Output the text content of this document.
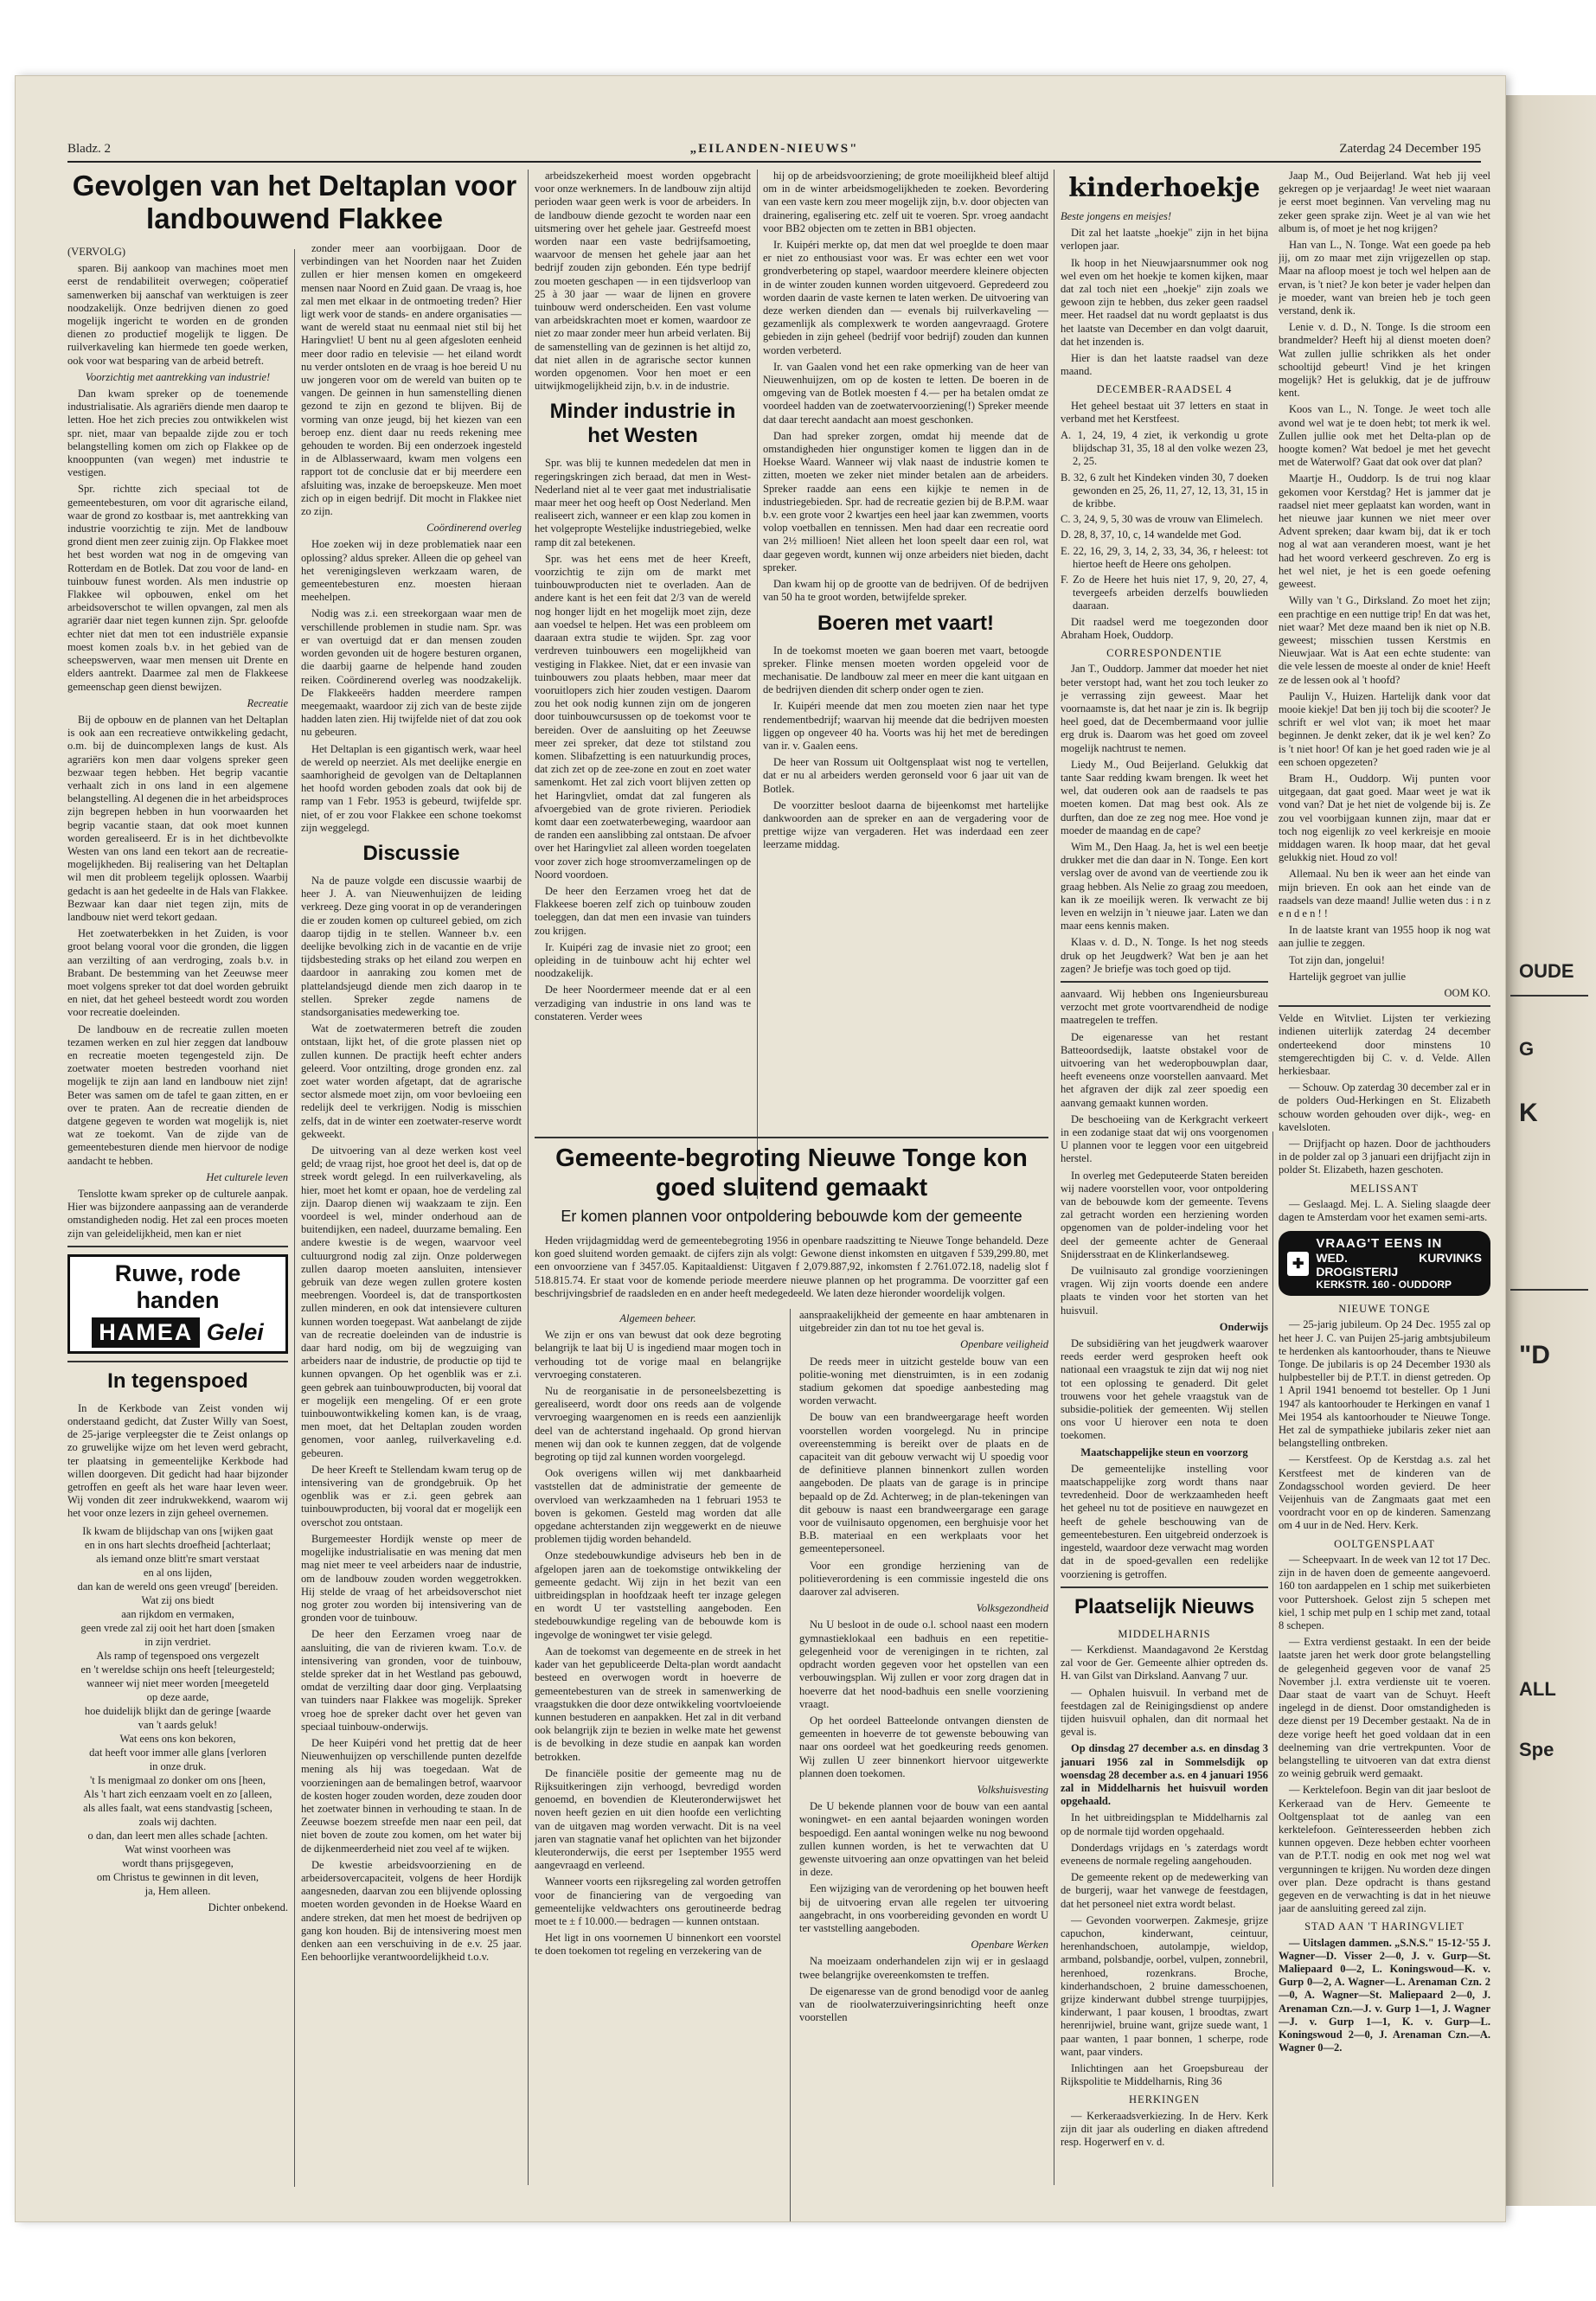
OUDE
G
K
"D
ALL
Spe
Bladz. 2	„EILANDEN-NIEUWS"	Zaterdag 24 December 195
Gevolgen van het Deltaplan voor landbouwend Flakkee
(VERVOLG)

sparen. Bij aankoop van machines moet men eerst de rendabiliteit overwegen; coöperatief samenwerken bij aanschaf van werktuigen is zeer noodzakelijk. Onze bedrijven dienen zo goed mogelijk ingericht te worden en de gronden dienen zo productief mogelijk te liggen. De ruilverkaveling kan hiermede ten goede werken, ook voor wat besparing van de arbeid betreft.

Voorzichtig met aantrekking van industrie!

Dan kwam spreker op de toenemende industrialisatie. Als agrariërs diende men daarop te letten. Hoe het zich precies zou ontwikkelen wist spr. niet, maar van bepaalde zijde zou er toch belangstelling komen om zich op Flakkee op de knooppunten (van wegen) met industrie te vestigen.

Spr. richtte zich speciaal tot de gemeentebesturen, om voor dit agrarische eiland, waar de grond zo kostbaar is, met aantrekking van industrie voorzichtig te zijn. Met de landbouw grond dient men zeer zuinig zijn. Op Flakkee moet het best worden wat nog in de omgeving van Rotterdam en de Botlek. Dat zou voor de land- en tuinbouw funest worden. Als men industrie op Flakkee wil opbouwen, enkel om het arbeidsoverschot te willen opvangen, zal men als agrariër daar niet tegen kunnen zijn. Spr. geloofde echter niet dat men tot een industriële expansie moest komen zoals b.v. in het gebied van de scheepswerven, waar men mensen uit Drente en elders aantrekt. Daarmee zal men de Flakkeese gemeenschap geen dienst bewijzen.

Recreatie

Bij de opbouw en de plannen van het Deltaplan is ook aan een recreatieve ontwikkeling gedacht, o.m. bij de duincomplexen langs de kust. Als agrariërs kon men daar volgens spreker geen bezwaar tegen hebben. Het begrip vacantie verhaalt zich in ons land in een algemene belangstelling. Al degenen die in het arbeidsproces zijn begrepen hebben in hun voorwaarden het begrip vacantie staan, dat ook moet kunnen worden gerealiseerd. Er is in het dichtbevolkte Westen van ons land een tekort aan de recreatie-mogelijkheden. Bij realisering van het Deltaplan wil men dit probleem tegelijk oplossen. Waarbij gedacht is aan het gedeelte in de Hals van Flakkee. Bezwaar kan daar niet tegen zijn, mits de landbouw niet werd tekort gedaan.

Het zoetwaterbekken in het Zuiden, is voor groot belang vooral voor die gronden, die liggen aan verzilting of aan verdroging, zoals b.v. in Brabant. De bestemming van het Zeeuwse meer moet volgens spreker tot dat doel worden gebruikt en niet, dat het geheel besteedt wordt zou worden voor recreatie doeleinden.

De landbouw en de recreatie zullen moeten tezamen werken en zul hier zeggen dat landbouw en recreatie moeten tegengesteld zijn. De zoetwater moeten bestreden voorhand niet mogelijk te zijn aan land en landbouw niet zijn! Beter was samen om de tafel te gaan zitten, en er over te praten. Aan de recreatie dienden de datgene gegeven te worden wat mogelijk is, niet wat ze toekomt. Van de zijde van de gemeentebesturen diende men hiervoor de nodige aandacht te hebben.

Het culturele leven

Tenslotte kwam spreker op de culturele aanpak. Hier was bijzondere aanpassing aan de veranderde omstandigheden nodig. Het zal een proces moeten zijn van geleidelijkheid, men kan er niet

Ruwe, rode handen
HAMEA Gelei
In tegenspoed

In de Kerkbode van Zeist vonden wij onderstaand gedicht, dat Zuster Willy van Soest, de 25-jarige verpleegster die te Zeist onlangs op zo gruwelijke wijze om het leven werd gebracht, ter plaatsing in gemeentelijke Kerkbode had willen doorgeven. Dit gedicht had haar bijzonder getroffen en geeft als het ware haar leven weer. Wij vonden dit zeer indrukwekkend, waarom wij het voor onze lezers in zijn geheel overnemen.

Ik kwam de blijdschap van ons [wijken gaat
en in ons hart slechts droefheid [achterlaat;
als iemand onze blitt're smart verstaat
en al ons lijden,
dan kan de wereld ons geen vreugd' [bereiden.
Wat zij ons biedt
aan rijkdom en vermaken,
geen vrede zal zij ooit het hart doen [smaken
in zijn verdriet.
Als ramp of tegenspoed ons vergezelt
en 't wereldse schijn ons heeft [teleurgesteld;
wanneer wij niet meer worden [meegeteld
op deze aarde,
hoe duidelijk blijkt dan de geringe [waarde
van 't aards geluk!
Wat eens ons kon bekoren,
dat heeft voor immer alle glans [verloren
in onze druk.
't Is menigmaal zo donker om ons [heen,
Als 't hart zich eenzaam voelt en zo [alleen,
als alles faalt, wat eens standvastig [scheen,
zoals wij dachten.
o dan, dan leert men alles schade [achten.
Wat winst voorheen was
wordt thans prijsgegeven,
om Christus te gewinnen in dit leven,
ja, Hem alleen.
Dichter onbekend.

zonder meer aan voorbijgaan. Door de verbindingen van het Noorden naar het Zuiden zullen er hier mensen komen en omgekeerd mensen naar Noord en Zuid gaan. De vraag is, hoe zal men met elkaar in de ontmoeting treden? Hier ligt werk voor de stands- en andere organisaties — want de wereld staat nu eenmaal niet stil bij het Haringvliet! U bent nu al geen afgesloten eenheid meer door radio en televisie — het eiland wordt nu verder ontsloten en de vraag is hoe bereid U nu uw jongeren voor om de wereld van buiten op te vangen. De geinnen in hun samenstelling dienen gezond te zijn en gezond te blijven. Bij de vorming van onze jeugd, bij het kiezen van een beroep enz. dient daar nu reeds rekening mee gehouden te worden. Bij een onderzoek ingesteld in de Alblasserwaard, kwam men volgens een rapport tot de conclusie dat er bij meerdere een afsluiting was, inzake de beroepskeuze. Men moet zich op in eigen bedrijf. Dit mocht in Flakkee niet zo zijn.

Coördinerend overleg

Hoe zoeken wij in deze problematiek naar een oplossing? aldus spreker. Alleen die op geheel van het verenigingsleven werkzaam waren, de gemeentebesturen enz. moesten hieraan meehelpen.

Nodig was z.i. een streekorgaan waar men de verschillende problemen in studie nam. Spr. was er van overtuigd dat er dan mensen zouden worden gevonden uit de hogere besturen organen, die daarbij gaarne de helpende hand zouden reiken. Coördinerend overleg was noodzakelijk. De Flakkeeërs hadden meerdere rampen meegemaakt, waardoor zij zich van de beste zijde hadden laten zien. Hij twijfelde niet of dat zou ook nu gebeuren.

Het Deltaplan is een gigantisch werk, waar heel de wereld op neerziet. Als met deelijke energie en saamhorigheid de gevolgen van de Deltaplannen het hoofd worden geboden zoals dat ook bij de ramp van 1 Febr. 1953 is gebeurd, twijfelde spr. niet, of er zou voor Flakkee een schone toekomst zijn weggelegd.

Discussie

Na de pauze volgde een discussie waarbij de heer J. A. van Nieuwenhuijzen de leiding verkreeg. Deze ging voorat in op de veranderingen die er zouden komen op cultureel gebied, om zich daarop tijdig in te stellen. Wanneer b.v. een deelijke bevolking zich in de vacantie en de vrije tijdsbesteding straks op het eiland zou werpen en daardoor in aanraking zou komen met de plattelandsjeugd diende men zich daarop in te stellen. Spreker zegde namens de standsorganisaties medewerking toe.

Wat de zoetwatermeren betreft die zouden ontstaan, lijkt het, of die grote plassen niet op zullen kunnen. De practijk heeft echter anders geleerd. Voor ontzilting, droge gronden enz. zal zoet water worden afgetapt, dat de agrarische sector alsmede moet zijn, om voor bevloeiing een redelijk deel te verkrijgen. Nodig is misschien zelfs, dat in de winter een zoetwater-reserve wordt gekweekt.

De uitvoering van al deze werken kost veel geld; de vraag rijst, hoe groot het deel is, dat op de streek wordt gelegd. In een ruilverkaveling, als hier, moet het komt er opaan, hoe de verdeling zal zijn. Daarop dienen wij waakzaam te zijn. Een voordeel is wel, minder onderhoud aan de buitendijken, een nadeel, duurzame bemaling. Een andere kwestie is de wegen, waarvoor veel cultuurgrond nodig zal zijn. Onze polderwegen zullen daarop moeten aansluiten, intensiever gebruik van deze wegen zullen grotere kosten meebrengen. Voordeel is, dat de transportkosten zullen minderen, en ook dat intensievere culturen kunnen worden toegepast. Wat aanbelangt de zijde van de recreatie doeleinden van de industrie is daar hard nodig, om bij de wegzuiging van arbeiders naar de industrie, de productie op tijd te kunnen opvangen. Op het ogenblik was er z.i. geen gebrek aan tuinbouwproducten, bij vooral dat er mogelijk een mengeling. Of er een grote tuinbouwontwikkeling komen kan, is de vraag, men moet, dat het Deltaplan zouden worden genomen, voor aanleg, ruilverkaveling e.d. gebeuren.

De heer Kreeft te Stellendam kwam terug op de intensivering van de grondgebruik. Op het ogenblik was er z.i. geen gebrek aan tuinbouwproducten, bij vooral dat er mogelijk een overschot zou ontstaan.

Burgemeester Hordijk wenste op meer de mogelijke industrialisatie en was mening dat men mag niet meer te veel arbeiders naar de industrie, om de landbouw zouden worden weggetrokken. Hij stelde de vraag of het arbeidsoverschot niet nog groter zou worden bij intensivering van de gronden voor de tuinbouw.

De heer den Eerzamen vroeg naar de aansluiting, die van de rivieren kwam. T.o.v. de intensivering van gronden, voor de tuinbouw, stelde spreker dat in het Westland pas gebouwd, omdat de verzilting daar door ging. Verplaatsing van tuinders naar Flakkee was mogelijk. Spreker vroeg hoe de spreker dacht over het geven van speciaal tuinbouw-onderwijs.

De heer Kuipéri vond het prettig dat de heer Nieuwenhuijzen op verschillende punten dezelfde mening als hij was toegedaan. Wat de voorzieningen aan de bemalingen betrof, waarvoor de kosten hoger zouden worden, deze zouden door het zoetwater binnen in verhouding te staan. In de Zeeuwse boezem streefde men naar een peil, dat niet boven de zoute zou komen, om het water bij de dijkenmeerderheid niet zou veel af te wijken.

De kwestie arbeidsvoorziening en de arbeidersovercapaciteit, volgens de heer Hordijk aangesneden, daarvan zou een blijvende oplossing moeten worden gevonden in de Hoekse Waard en andere streken, dat men het moest de bedrijven op gang kon houden. Bij de intensivering moest men denken aan een verschuiving in de e.v. 25 jaar. Een behoorlijke verantwoordelijkheid t.o.v.

arbeidszekerheid moest worden opgebracht voor onze werknemers. In de landbouw zijn altijd perioden waar geen werk is voor de arbeiders. In de landbouw diende gezocht te worden naar een uitsmering over het gehele jaar. Gestreefd moest worden naar een vaste bedrijfsamoeting, waarvoor de mensen het gehele jaar aan het bedrijf zouden zijn gebonden. Eén type bedrijf zou moeten geschapen — in een tijdsverloop van 25 à 30 jaar — waar de lijnen en grovere tuinbouw werd onderscheiden. Een vast volume van arbeidskrachten moet er komen, waardoor ze niet zo maar zonder meer hun arbeid verlaten. Bij de samenstelling van de gezinnen is het altijd zo, dat niet allen in de agrarische sector kunnen worden opgenomen. Voor hen moet er een uitwijkmogelijkheid zijn, b.v. in de industrie.

Minder industrie in het Westen

Spr. was blij te kunnen mededelen dat men in regeringskringen zich beraad, dat men in West-Nederland niet al te veer gaat met industrialisatie maar meer het oog heeft op Oost Nederland. Men realiseert zich, wanneer er een klap zou komen in het volgepropte Westelijke industriegebied, welke ramp dit zal betekenen.

Spr. was het eens met de heer Kreeft, voorzichtig te zijn om de markt met tuinbouwproducten niet te overladen. Aan de andere kant is het een feit dat 2/3 van de wereld nog honger lijdt en het mogelijk moet zijn, deze aan voedsel te helpen. Het was een probleem om daaraan extra studie te wijden. Spr. zag voor verdreven tuinbouwers een mogelijkheid van vestiging in Flakkee. Niet, dat er een invasie van tuinbouwers zou plaats hebben, maar meer dat vooruitlopers zich hier zouden vestigen. Daarom zou het ook nodig kunnen zijn om de jongeren door tuinbouwcursussen op de toekomst voor te bereiden. Over de aansluiting op het Zeeuwse meer zei spreker, dat deze tot stilstand zou komen. Slibafzetting is een natuurkundig proces, dat zich zet op de zee-zone en zout en zoet water samenkomt. Het zal zich voort blijven zetten op het Haringvliet, omdat dat zal fungeren als afvoergebied van de grote rivieren. Periodiek komt daar een zoetwaterbeweging, waardoor aan de randen een aanslibbing zal ontstaan. De afvoer over het Haringvliet zal alleen worden toegelaten voor zover zich hoge stroomverzamelingen op de Noord voordoen.

De heer den Eerzamen vroeg het dat de Flakkeese boeren zelf zich op tuinbouw zouden toeleggen, dan dat men een invasie van tuinders zou krijgen.

Ir. Kuipéri zag de invasie niet zo groot; een opleiding in de tuinbouw acht hij echter wel noodzakelijk.

De heer Noordermeer meende dat er al een verzadiging van industrie in ons land was te constateren. Verder wees

hij op de arbeidsvoorziening; de grote moeilijkheid bleef altijd om in de winter arbeidsmogelijkheden te zoeken. Bevordering van een vaste kern zou meer mogelijk zijn, b.v. door objecten van drainering, egalisering etc. zelf uit te voeren. Spr. vroeg aandacht voor BB2 objecten om te zetten in BB1 objecten.

Ir. Kuipéri merkte op, dat men dat wel proeglde te doen maar er niet zo enthousiast voor was. Er was echter een wet voor grondverbetering op stapel, waardoor meerdere kleinere objecten in de winter zouden kunnen worden uitgevoerd. Gepredeerd zou worden daarin de vaste kernen te laten werken. De uitvoering van deze werken dienden dan — evenals bij ruilverkaveling — gezamenlijk als complexwerk te worden aangevraagd. Grotere gebieden in zijn geheel (bedrijf voor bedrijf) zouden dan kunnen worden verbeterd.

Ir. van Gaalen vond het een rake opmerking van de heer van Nieuwenhuijzen, om op de kosten te letten. De boeren in de omgeving van de Botlek moesten f 4.— per ha betalen omdat ze voordeel hadden van de zoetwatervoorziening(!) Spreker meende dat daar terecht aandacht aan moest geschonken.

Dan had spreker zorgen, omdat hij meende dat de omstandigheden hier ongunstiger komen te liggen dan in de Hoekse Waard. Wanneer wij vlak naast de industrie komen te zitten, moeten we zeker niet minder betalen aan de arbeiders. Spreker raadde aan eens een kijkje te nemen in de industriegebieden. Spr. had de recreatie gezien bij de B.P.M. waar b.v. een grote voor 2 kwartjes een heel jaar kan zwemmen, voorts volop voetballen en tennissen. Men had daar een recreatie oord van 2½ millioen! Niet alleen het loon speelt daar een rol, wat daar gegeven wordt, kunnen wij onze arbeiders niet bieden, dacht spreker.

Dan kwam hij op de grootte van de bedrijven. Of de bedrijven van 50 ha te groot worden, betwijfelde spreker.

Boeren met vaart!

In de toekomst moeten we gaan boeren met vaart, betoogde spreker. Flinke mensen moeten worden opgeleid voor de mechanisatie. De landbouw zal meer en meer die kant uitgaan en de bedrijven dienden dit scherp onder ogen te zien.

Ir. Kuipéri meende dat men zou moeten zien naar het type rendementbedrijf; waarvan hij meende dat die bedrijven moesten liggen op ongeveer 40 ha. Voorts was hij het met de beredingen van ir. v. Gaalen eens.

De heer van Rossum uit Ooltgensplaat wist nog te vertellen, dat er nu al arbeiders werden geronseld voor 6 jaar uit van de Botlek.

De voorzitter besloot daarna de bijeenkomst met hartelijke dankwoorden aan de spreker en aan de vergadering voor de prettige wijze van vergaderen. Het was inderdaad een zeer leerzame middag.

Gemeente-begroting Nieuwe Tonge kon goed sluitend gemaakt
Er komen plannen voor ontpoldering bebouwde kom der gemeente

Heden vrijdagmiddag werd de gemeentebegroting 1956 in openbare raadszitting te Nieuwe Tonge behandeld. Deze kon goed sluitend worden gemaakt. de cijfers zijn als volgt: Gewone dienst inkomsten en uitgaven f 539,299.80, met een onvoorziene van f 3457.05. Kapitaaldienst: Uitgaven f 2,079.887,92, inkomsten f 2.761.072.18, nadelig slot f 518.815.74. Er staat voor de komende periode meerdere nieuwe plannen op het programma. De voorzitter gaf een beschrijvingsbrief de raadsleden en en ander heeft medegedeeld. We laten deze hieronder woordelijk volgen.

Algemeen beheer.

We zijn er ons van bewust dat ook deze begroting belangrijk te laat bij U is ingediend maar mogen toch in verhouding tot de vorige maal en belangrijke vervroeging constateren.

Nu de reorganisatie in de personeelsbezetting is gerealiseerd, wordt door ons reeds aan de volgende vervroeging waargenomen en is reeds een aanzienlijk deel van de achterstand ingehaald. Op grond hiervan menen wij dan ook te kunnen zeggen, dat de volgende begroting op tijd zal kunnen worden voorgelegd.

Ook overigens willen wij met dankbaarheid vaststellen dat de administratie der gemeente de overvloed van werkzaamheden na 1 februari 1953 te boven is gekomen. Gesteld mag worden dat alle opgedane achterstanden zijn weggewerkt en de nieuwe problemen tijdig worden behandeld.

Onze stedebouwkundige adviseurs heb ben in de afgelopen jaren aan de toekomstige ontwikkeling der gemeente gedacht. Wij zijn in het bezit van een uitbreidingsplan in hoofdzaak heeft ter inzage gelegen en wordt U ter vaststelling aangeboden. Een stedebouwkundige regeling van de bebouwde kom is ingevolge de woningwet ter visie gelegd.

Aan de toekomst van degemeente en de streek in het kader van het gepubliceerde Delta-plan wordt aandacht besteed en overwogen wordt in hoeverre de gemeentebesturen van de streek in samenwerking de vraagstukken die door deze ontwikkeling voortvloeiende kunnen bestuderen en aanpakken. Het zal in dit verband ook belangrijk zijn te bezien in welke mate het gewenst is de bevolking in deze studie en aanpak kan worden betrokken.

De financiële positie der gemeente mag nu de Rijksuitkeringen zijn verhoogd, bevredigd worden genoemd, en bovendien de Kleuteronderwijswet het noven heeft gezien en uit dien hoofde een verlichting van de uitgaven mag worden verwacht. Dit is na veel jaren van stagnatie vanaf het oplichten van het bijzonder kleuteronderwijs, die eerst per 1september 1955 werd aangevraagd en verleend.

Wanneer voorts een rijksregeling zal worden getroffen voor de financiering van de vergoeding van gemeentelijke veldwachters ons geroutineerde bedrag moet te ± f 10.000.— bedragen — kunnen ontstaan.

Het ligt in ons voornemen U binnenkort een voorstel te doen toekomen tot regeling en verzekering van de

aanspraakelijkheid der gemeente en haar ambtenaren in uitgebreider zin dan tot nu toe het geval is.

Openbare veiligheid

De reeds meer in uitzicht gestelde bouw van een politie-woning met dienstruimten, is in een zodanig stadium gekomen dat spoedige aanbesteding mag worden verwacht.

De bouw van een brandweergarage heeft worden voorstellen worden voorgelegd. Nu in principe overeenstemming is bereikt over de plaats en de capaciteit van dit gebouw verwacht wij U spoedig voor de definitieve plannen binnenkort zullen worden aangeboden. De plaats van de garage is in principe bepaald op de Zd. Achterweg; in de plan-tekeningen van dit gebouw is naast een brandweergarage een garage voor de vuilnisauto opgenomen, een berghuisje voor het B.B. materiaal en een werkplaats voor het gemeentepersoneel.

Voor een grondige herziening van de politieverordening is een commissie ingesteld die ons daarover zal adviseren.

Volksgezondheid

Nu U besloot in de oude o.l. school naast een modern gymnastieklokaal een badhuis en een repetitie-gelegenheid voor de verenigingen in te richten, zal opdracht worden gegeven voor het opstellen van een verbouwingsplan. Wij zullen er voor zorg dragen dat in hoeverre dat het nood-badhuis een snelle voorziening vraagt.

Op het oordeel Batteelonde ontvangen diensten de gemeenten in hoeverre de tot gewenste bebouwing van naar ons oordeel wat het goedkeuring reeds genomen. Wij zullen U zeer binnenkort hiervoor uitgewerkte plannen doen toekomen.

Volkshuisvesting

De U bekende plannen voor de bouw van een aantal woningwet- en een aantal bejaarden woningen worden bespoedigd. Een aantal woningen welke nu nog bewoond zullen kunnen worden, is het te verwachten dat U gewenste uitvoering aan onze opvattingen van het beleid in deze.

Een wijziging van de verordening op het bouwen heeft bij de uitvoering ervan alle regelen ter uitvoering aangebracht, in ons voorbereiding gevonden en wordt U ter vaststelling aangeboden.

Openbare Werken

Na moeizaam onderhandelen zijn wij er in geslaagd twee belangrijke overeenkomsten te treffen.

De eigenaresse van de grond benodigd voor de aanleg van de rioolwaterzuiveringsinrichting heeft onze voorstellen

kinderhoekje
Beste jongens en meisjes!

Dit zal het laatste „hoekje" zijn in het bijna verlopen jaar.

Ik hoop in het Nieuwjaarsnummer ook nog wel even om het hoekje te komen kijken, maar dat zal toch niet een „hoekje" zijn zoals we gewoon zijn te hebben, dus zeker geen raadsel meer. Het raadsel dat nu wordt geplaatst is dus het laatste van December en dan volgt daaruit, dat het inzenden is.

Hier is dan het laatste raadsel van deze maand.

DECEMBER-RAADSEL 4

Het geheel bestaat uit 37 letters en staat in verband met het Kerstfeest.

A. 1, 24, 19, 4 ziet, ik verkondig u grote blijdschap 31, 35, 18 al den volke wezen 23, 2, 25.
B. 32, 6 zult het Kindeken vinden 30, 7 doeken gewonden en 25, 26, 11, 27, 12, 13, 31, 15 in de kribbe.
C. 3, 24, 9, 5, 30 was de vrouw van Elimelech.
D. 28, 8, 37, 10, c, 14 wandelde met God.
E. 22, 16, 29, 3, 14, 2, 33, 34, 36, r heleest: tot hiertoe heeft de Heere ons geholpen.
F. Zo de Heere het huis niet 17, 9, 20, 27, 4, tevergeefs arbeiden derzelfs bouwlieden daaraan.

Dit raadsel werd me toegezonden door Abraham Hoek, Ouddorp.

CORRESPONDENTIE

Jan T., Ouddorp. Jammer dat moeder het niet beter verstopt had, want het zou toch leuker zo je verrassing zijn geweest. Maar het voornaamste is, dat het naar je zin is. Ik begrijp heel goed, dat de Decembermaand voor jullie erg druk is. Daarom was het goed om zoveel mogelijk nachtrust te nemen.

Liedy M., Oud Beijerland. Gelukkig dat tante Saar redding kwam brengen. Ik weet het wel, dat ouderen ook aan de raadsels te pas moeten komen. Dat mag best ook. Als ze durften, dan doe ze zeg nog mee. Hoe vond je moeder de maandag en de cape?

Wim M., Den Haag. Ja, het is wel een beetje drukker met die dan daar in N. Tonge. Een kort verslag over de avond van de veertiende zou ik graag hebben. Als Nelie zo graag zou meedoen, kan ik ze moeilijk weren. Ik verwacht ze bij leven en welzijn in 't nieuwe jaar. Laten we dan maar eens kennis maken.

Klaas v. d. D., N. Tonge. Is het nog steeds druk op het Jeugdwerk? Wat ben je aan het zagen? Je briefje was toch goed op tijd.

aanvaard. Wij hebben ons Ingenieursbureau verzocht met grote voortvarendheid de nodige maatregelen te treffen.

De eigenaresse van het restant Batteoordsedijk, laatste obstakel voor de uitvoering van het wederopbouwplan daar, heeft eveneens onze voorstellen aanvaard. Met het afgraven der dijk zal zeer spoedig een aanvang gemaakt kunnen worden.

De beschoeiing van de Kerkgracht verkeert in een zodanige staat dat wij ons voorgenomen U plannen voor te leggen voor een uitgebreid herstel.

In overleg met Gedeputeerde Staten bereiden wij nadere voorstellen voor, voor ontpoldering van de bebouwde kom der gemeente. Tevens zal getracht worden een herziening worden opgenomen van de polder-indeling voor het deel der gemeente achter de Generaal Snijdersstraat en de Klinkerlandseweg.

De vuilnisauto zal grondige voorzieningen vragen. Wij zijn voorts doende een andere plaats te vinden voor het storten van het huisvuil.

Onderwijs

De subsidiëring van het jeugdwerk waarover reeds eerder werd gesproken heeft ook nationaal een vraagstuk te zijn dat wij nog niet tot een oplossing te genaderd. Dit gelet trouwens voor het gehele vraagstuk van de subsidie-politiek der gemeenten. Wij stellen ons voor U hierover een nota te doen toekomen.

Maatschappelijke steun en voorzorg

De gemeentelijke instelling voor maatschappelijke zorg wordt thans naar tevredenheid. Door de werkzaamheden heeft het geheel nu tot de positieve en nauwgezet en heeft de gehele beschouwing van de gemeentebesturen. Een uitgebreid onderzoek is ingesteld, waardoor deze verwacht mag worden dat in de spoed-gevallen een redelijke voorziening is getroffen.

Plaatselijk Nieuws
MIDDELHARNIS

— Kerkdienst. Maandagavond 2e Kerstdag zal voor de Ger. Gemeente alhier optreden ds. H. van Gilst van Dirksland. Aanvang 7 uur.

— Ophalen huisvuil. In verband met de feestdagen zal de Reinigingsdienst op andere tijden huisvuil ophalen, dan dit normaal het geval is.

Op dinsdag 27 december a.s. en dinsdag 3 januari 1956 zal in Sommelsdijk op woensdag 28 december a.s. en 4 januari 1956 zal in Middelharnis het huisvuil worden opgehaald.

In het uitbreidingsplan te Middelharnis zal op de normale tijd worden opgehaald.

Donderdags vrijdags en 's zaterdags wordt eveneens de normale regeling aangehouden.

De gemeente rekent op de medewerking van de burgerij, waar het vanwege de feestdagen, dat het personeel niet extra wordt belast.

— Gevonden voorwerpen. Zakmesje, grijze capuchon, kinderwant, ceintuur, herenhandschoen, autolampje, wieldop, armband, polsbandje, oorbel, vulpen, zonnebril, herenhoed, rozenkrans. Broche, kinderhandschoen, 2 bruine damesschoenen, grijze kinderwant dubbel strenge tuurpijpjes, kinderwant, 1 paar kousen, 1 broodtas, zwart herenrijwiel, bruine want, grijze suede want, 1 paar wanten, 1 paar bonnen, 1 scherpe, rode want, paar vinders.

Inlichtingen aan het Groepsbureau der Rijkspolitie te Middelharnis, Ring 36

HERKINGEN

— Kerkeraadsverkiezing. In de Herv. Kerk zijn dit jaar als ouderling en diaken aftredend resp. Hogerwerf en v. d.

Jaap M., Oud Beijerland. Wat heb jij veel gekregen op je verjaardag! Je weet niet waaraan je eerst moet beginnen. Van verveling mag nu zeker geen sprake zijn. Weet je al van wie het album is, of moet je het nog krijgen?

Han van L., N. Tonge. Wat een goede pa heb jij, om zo maar met zijn vrijgezellen op stap. Maar na afloop moest je toch wel helpen aan de ervan, is 't niet? Je kon beter je vader helpen dan je moeder, want van breien heb je toch geen verstand, denk ik.

Lenie v. d. D., N. Tonge. Is die stroom een brandmelder? Heeft hij al dienst moeten doen? Wat zullen jullie schrikken als het onder schooltijd gebeurt! Vind je het kringen mogelijk? Het is gelukkig, dat je de juffrouw kent.

Koos van L., N. Tonge. Je weet toch alle avond wel wat je te doen hebt; tot merk ik wel. Zullen jullie ook met het Delta-plan op de hoogte komen? Wat bedoel je met het gevecht met de Waterwolf? Gaat dat ook over dat plan?

Maartje H., Ouddorp. Is de trui nog klaar gekomen voor Kerstdag? Het is jammer dat je raadsel niet meer geplaatst kan worden, want in het nieuwe jaar kunnen we niet meer over Advent spreken; daar kwam bij, dat ik er toch nog al wat aan veranderen moest, want je het had het woord verkeerd geschreven. Zo erg is het wel niet, je het is een goede oefening geweest.

Willy van 't G., Dirksland. Zo moet het zijn; een prachtige en een nuttige trip! En dat was het, niet waar? Met deze maand ben ik niet op N.B. geweest; misschien tussen Kerstmis en Nieuwjaar. Wat is Aat een echte studente: van die vele lessen de moeste al onder de knie! Heeft ze de lessen ook al 't hoofd?

Paulijn V., Huizen. Hartelijk dank voor dat mooie kiekje! Dat ben jij toch bij die scooter? Je schrift er wel vlot van; ik moet het maar beginnen. Je denkt zeker, dat ik je wel ken? Zo is 't niet hoor! Of kan je het goed raden wie je al een schoen opgezeten?

Bram H., Ouddorp. Wij punten voor uitgegaan, dat gaat goed. Maar weet je wat ik vond van? Dat je het niet de volgende bij is. Ze zou vel voorbijgaan kunnen zijn, maar dat er toch nog eigenlijk zo veel kerkreisje en mooie middagen waren. Ik hoop maar, dat het geval gelukkig niet. Houd zo vol!

Allemaal. Nu ben ik weer aan het einde van mijn brieven. En ook aan het einde van de raadsels van deze maand! Jullie weten dus : i n z e n d e n ! !

In de laatste krant van 1955 hoop ik nog wat aan jullie te zeggen.

Tot zijn dan, jongelui!

Hartelijk gegroet van jullie

OOM KO.

Velde en Witvliet. Lijsten ter verkiezing indienen uiterlijk zaterdag 24 december onderteekend door minstens 10 stemgerechtigden bij C. v. d. Velde. Allen herkiesbaar.

— Schouw. Op zaterdag 30 december zal er in de polders Oud-Herkingen en St. Elizabeth schouw worden gehouden over dijk-, weg- en kavelsloten.

— Drijfjacht op hazen. Door de jachthouders in de polder zal op 3 januari een drijfjacht zijn in polder St. Elizabeth, hazen geschoten.

MELISSANT

— Geslaagd. Mej. L. A. Sieling slaagde deer dagen te Amsterdam voor het examen semi-arts.

✚
VRAAG'T EENS IN
WED. KURVINKS DROGISTERIJ
KERKSTR. 160 - OUDDORP
NIEUWE TONGE

— 25-jarig jubileum. Op 24 Dec. 1955 zal op het heer J. C. van Puijen 25-jarig ambtsjubileum te herdenken als kantoorhouder, thans te Nieuwe Tonge. De jubilaris is op 24 December 1930 als hulpbesteller bij de P.T.T. in dienst getreden. Op 1 April 1941 benoemd tot besteller. Op 1 Juni 1947 als kantoorhouder te Herkingen en vanaf 1 Mei 1954 als kantoorhouder te Nieuwe Tonge. Het zal de sympathieke jubilaris zeker niet aan belangstelling ontbreken.

— Kerstfeest. Op de Kerstdag a.s. zal het Kerstfeest met de kinderen van de Zondagsschool worden gevierd. De heer Veijenhuis van de Zangmaats gaat met een voordracht voor en op de kinderen. Samenzang om 4 uur in de Ned. Herv. Kerk.

OOLTGENSPLAAT

— Scheepvaart. In de week van 12 tot 17 Dec. zijn in de haven doen de gemeente aangevoerd. 160 ton aardappelen en 1 schip met suikerbieten voor Puttershoek. Gelost zijn 5 schepen met kiel, 1 schip met pulp en 1 schip met zand, totaal 8 schepen.

— Extra verdienst gestaakt. In een der beide laatste jaren het werk door grote belangstelling de gelegenheid gegeven voor de vanaf 25 November j.l. extra verdienste uit te voeren. Daar staat de vaart van de Schuyt. Heeft ingelegd in de dienst. Door omstandigheden is deze dienst per 19 December gestaakt. Na de in deze vorige heeft het goed voldaan dat in een deelneming van drie vertrekpunten. Voor de belangstelling te uitvoeren van dat extra dienst zo weinig gebruik werd gemaakt.

— Kerktelefoon. Begin van dit jaar besloot de Kerkeraad van de Herv. Gemeente te Ooltgensplaat tot de aanleg van een kerktelefoon. Geïnteresseerden hebben zich kunnen opgeven. Deze hebben echter voorheen van de P.T.T. nodig en ook met nog wel wat vergunningen te krijgen. Nu worden deze dingen over plan. Deze opdracht is thans gestand gegeven en de verwachting is dat in het nieuwe jaar de aansluiting gereed zal zijn.

STAD AAN 'T HARINGVLIET

— Uitslagen dammen. „S.N.S." 15-12-'55 J. Wagner—D. Visser 2—0, J. v. Gurp—St. Maliepaard 0—2, L. Koningswoud—K. v. Gurp 0—2, A. Wagner—L. Arenaman Czn. 2—0, A. Wagner—St. Maliepaard 2—0, J. Arenaman Czn.—J. v. Gurp 1—1, J. Wagner—J. v. Gurp 1—1, K. v. Gurp—L. Koningswoud 2—0, J. Arenaman Czn.—A. Wagner 0—2.
